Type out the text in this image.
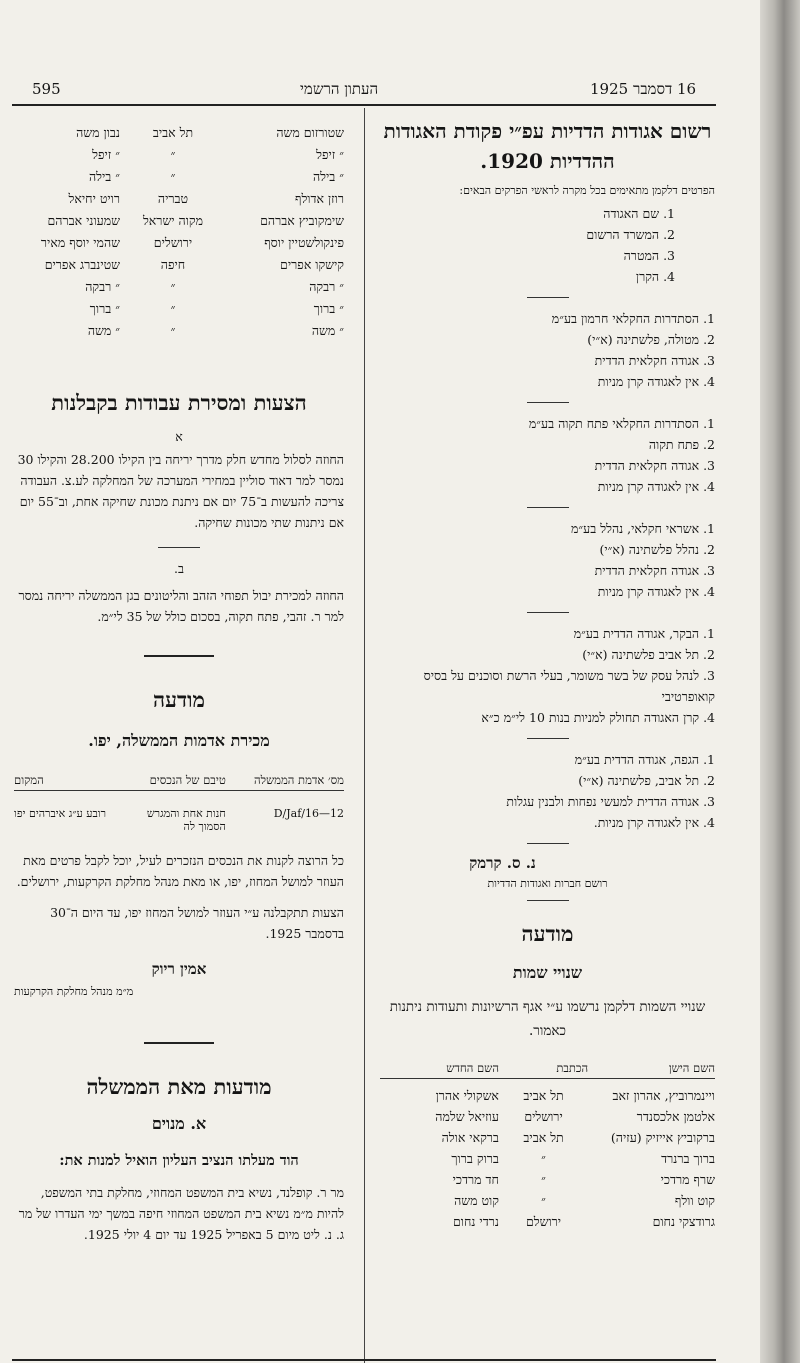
595	העתון הרשמי	16 דסמבר 1925
שטורזום משה
תל אביב
נבון משה
״ זיפל
״
״ זיפל
״ בילה
״
״ בילה
רוזן אדולף
טבריה
רויט יחיאל
שימקוביץ אברהם
מקוה ישראל
שמעוני אברהם
פינקולשטיין יוסף
ירושלים
שהמי יוסף מאיר
קישקו אפרים
חיפה
שטינברג אפרים
״ רבקה
״
״ רבקה
״ ברוך
״
״ ברוך
״ משה
״
״ משה
הצעות ומסירת עבודות בקבלנות
א
החוזה לסלול מחדש חלק מדרך יריחה בין הקילו 28.200 והקילו 30 נמסר למר דאוד סוליין במחירי המערכה של המחלקה לע.צ. העבודה צריכה להעשות ב־75 יום אם ניתנת מכונת שחיקה אחת, וב־55 יום אם ניתנות שתי מכונות שחיקה.
ב.
החוזה למכירת יבול תפוחי הזהב והליטונים בגן הממשלה יריחה נמסר למר ר. זהבי, פתח תקוה, בסכום כולל של 35 לי״מ.
מודעה
מכירת אדמות הממשלה, יפו.
מס׳ אדמת הממשלה
טיבם של הנכסים
המקום
D/Jaf/16—12
חנות אחת והמגרש הסמוך לה
רובע ע״ג איברהים יפו
כל הרוצה לקנות את הנכסים הנזכרים לעיל, יוכל לקבל פרטים מאת העוזר למושל המחוז, יפו, או מאת מנהל מחלקת הקרקעות, ירושלים.
הצעות תתקבלנה ע״י העוזר למושל המחוז יפו, עד היום ה־30 בדסמבר 1925.
אמין ריוק
מ״מ מנהל מחלקת הקרקעות
מודעות מאת הממשלה
א. מנוים
הוד מעלתו הנציב העליון הואיל למנות את:
מר ר. קופלנד, נשיא בית המשפט המחוזי, מחלקת בתי המשפט, להיות מ״מ נשיא בית המשפט המחוזי חיפה במשך ימי העדרו של מר ג. נ. ליט מיום 5 באפריל 1925 עד יום 4 יולי 1925.
רשום אגודות הדדיות עפ״י פקודת האגודות ההדדיות 1920.
הפרטים דלקמן מתאימים בכל מקרה לראשי הפרקים הבאים:
1. שם האגודה
2. המשרד הרשום
3. המטרה
4. הקרן
1. הסתדרות החקלאי חרמון בע״מ
2. מטולה, פלשתינה (א״י)
3. אגודה חקלאית הדדית
4. אין לאגודה קרן מניות
1. הסתדרות החקלאי פתח תקוה בע״מ
2. פתח תקוה
3. אגודה חקלאית הדדית
4. אין לאגודה קרן מניות
1. אשראי חקלאי, נהלל בע״מ
2. נהלל פלשתינה (א״י)
3. אגודה חקלאית הדדית
4. אין לאגודה קרן מניות
1. הבקר, אגודה הדדית בע״מ
2. תל אביב פלשתינה (א״י)
3. לנהל עסק של בשר משומר, בעלי הרשת וסוכנים על בסיס קואופרטיבי
4. קרן האגודה תחולק למניות בנות 10 לי״מ כ״א
1. הגפה, אגודה הדדית בע״מ
2. תל אביב, פלשתינה (א״י)
3. אגודה הדדית למעשי נפחות ולבנין עגלות
4. אין לאגודה קרן מניות.
נ. ס. קרמק
רושם חברות ואגודות הדדיות
מודעה
שנויי שמות
שנויי השמות דלקמן נרשמו ע״י אגף הרשיונות ותעודות ניתנות כאמור.
השם הישן
הכתבת
השם החדש
ויינמרוביץ, אהרון זאב
תל אביב
אשקולי אהרן
אלטמן אלכסנדר
ירושלים
עוזיאל שלמה
ברקוביץ אייזיק (עזיה)
תל אביב
ברקאי אולה
ברוך ברנרד
״
ברוק ברוך
שרף מרדכי
״
חד מרדכי
קוט וולף
״
קוט משה
גרודצקי נחום
ירושלם
נרדי נחום
